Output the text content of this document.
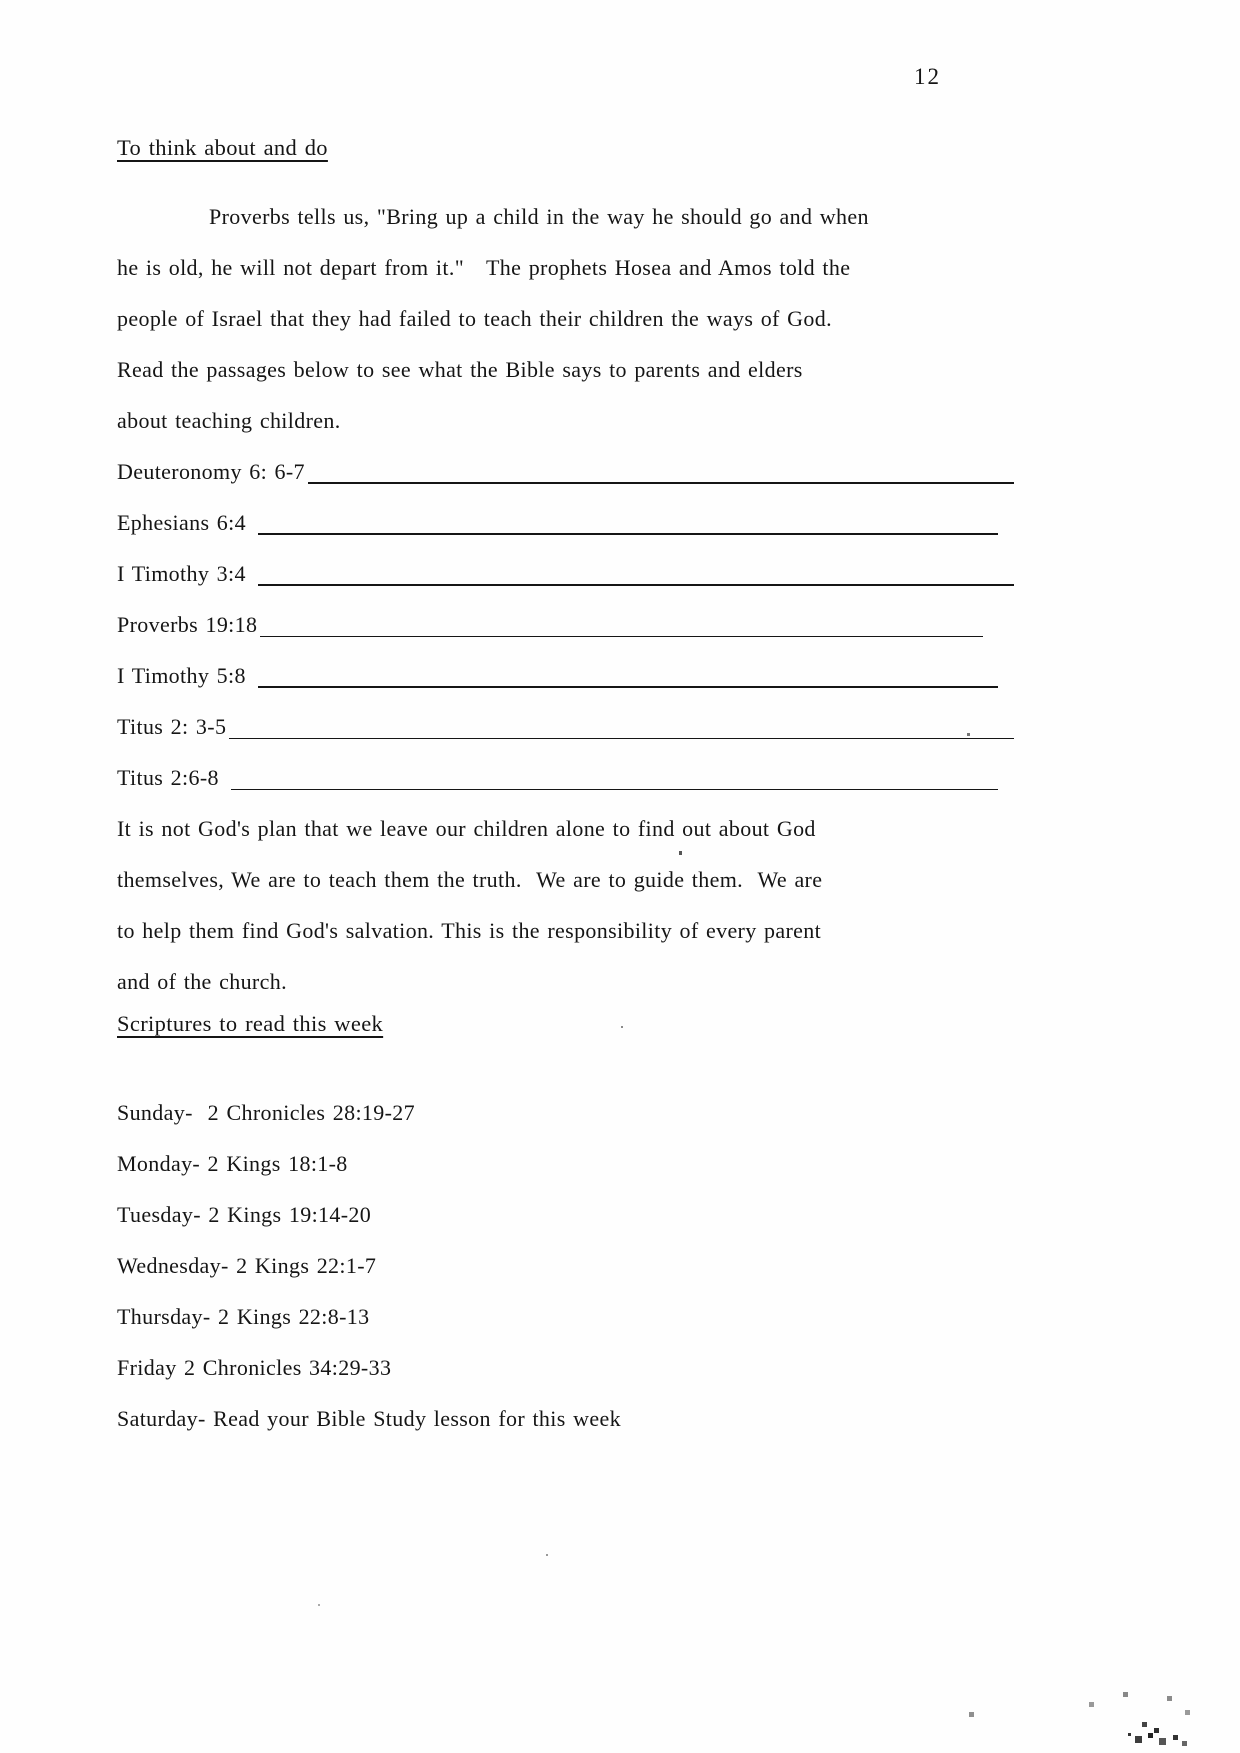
12
To think about and do
Proverbs tells us, "Bring up a child in the way he should go and when
he is old, he will not depart from it."   The prophets Hosea and Amos told the
people of Israel that they had failed to teach their children the ways of God.
Read the passages below to see what the Bible says to parents and elders
about teaching children.
Deuteronomy 6: 6-7
Ephesians 6:4
I Timothy 3:4
Proverbs 19:18
I Timothy 5:8
Titus 2: 3-5
Titus 2:6-8
It is not God's plan that we leave our children alone to find out about God
themselves, We are to teach them the truth.  We are to guide them.  We are
to help them find God's salvation. This is the responsibility of every parent
and of the church.
Scriptures to read this week
Sunday-  2 Chronicles 28:19-27
Monday- 2 Kings 18:1-8
Tuesday- 2 Kings 19:14-20
Wednesday- 2 Kings 22:1-7
Thursday- 2 Kings 22:8-13
Friday 2 Chronicles 34:29-33
Saturday- Read your Bible Study lesson for this week
